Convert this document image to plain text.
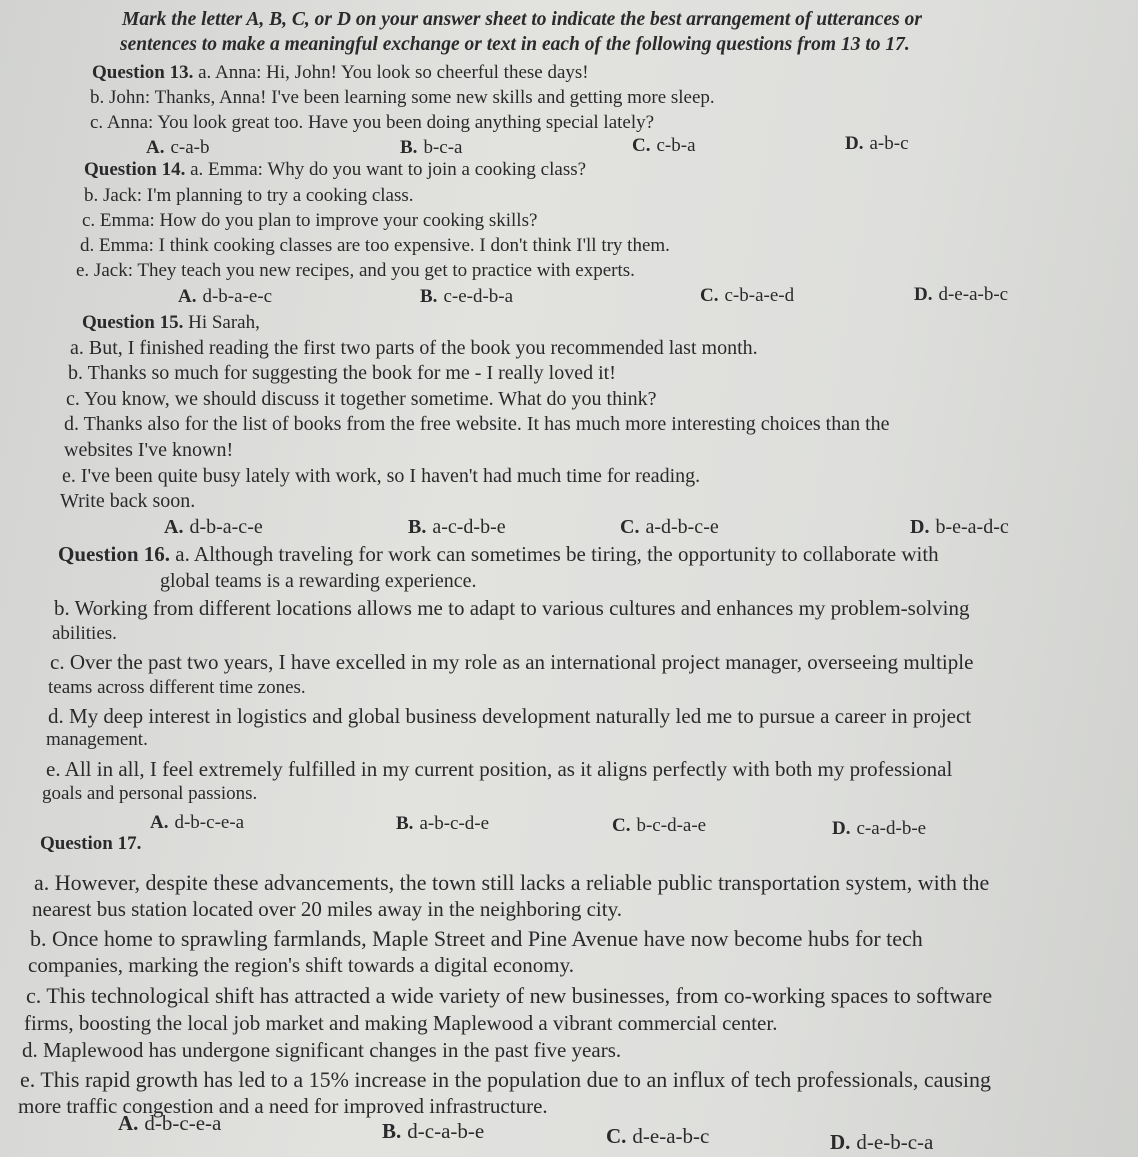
Mark the letter A, B, C, or D on your answer sheet to indicate the best arrangement of utterances or
sentences to make a meaningful exchange or text in each of the following questions from 13 to 17.
Question 13. a. Anna: Hi, John! You look so cheerful these days!
b. John: Thanks, Anna! I've been learning some new skills and getting more sleep.
c. Anna: You look great too. Have you been doing anything special lately?
A. c-a-b	B. b-c-a	C. c-b-a	D. a-b-c
Question 14. a. Emma: Why do you want to join a cooking class?
b. Jack: I'm planning to try a cooking class.
c. Emma: How do you plan to improve your cooking skills?
d. Emma: I think cooking classes are too expensive. I don't think I'll try them.
e. Jack: They teach you new recipes, and you get to practice with experts.
A. d-b-a-e-c	B. c-e-d-b-a	C. c-b-a-e-d	D. d-e-a-b-c
Question 15. Hi Sarah,
a. But, I finished reading the first two parts of the book you recommended last month.
b. Thanks so much for suggesting the book for me - I really loved it!
c. You know, we should discuss it together sometime. What do you think?
d. Thanks also for the list of books from the free website. It has much more interesting choices than the
websites I've known!
e. I've been quite busy lately with work, so I haven't had much time for reading.
Write back soon.
A. d-b-a-c-e	B. a-c-d-b-e	C. a-d-b-c-e	D. b-e-a-d-c
Question 16. a. Although traveling for work can sometimes be tiring, the opportunity to collaborate with
global teams is a rewarding experience.
b. Working from different locations allows me to adapt to various cultures and enhances my problem-solving
abilities.
c. Over the past two years, I have excelled in my role as an international project manager, overseeing multiple
teams across different time zones.
d. My deep interest in logistics and global business development naturally led me to pursue a career in project
management.
e. All in all, I feel extremely fulfilled in my current position, as it aligns perfectly with both my professional
goals and personal passions.
A. d-b-c-e-a	B. a-b-c-d-e	C. b-c-d-a-e	D. c-a-d-b-e
Question 17.
a. However, despite these advancements, the town still lacks a reliable public transportation system, with the
nearest bus station located over 20 miles away in the neighboring city.
b. Once home to sprawling farmlands, Maple Street and Pine Avenue have now become hubs for tech
companies, marking the region's shift towards a digital economy.
c. This technological shift has attracted a wide variety of new businesses, from co-working spaces to software
firms, boosting the local job market and making Maplewood a vibrant commercial center.
d. Maplewood has undergone significant changes in the past five years.
e. This rapid growth has led to a 15% increase in the population due to an influx of tech professionals, causing
more traffic congestion and a need for improved infrastructure.
A. d-b-c-e-a	B. d-c-a-b-e	C. d-e-a-b-c	D. d-e-b-c-a
